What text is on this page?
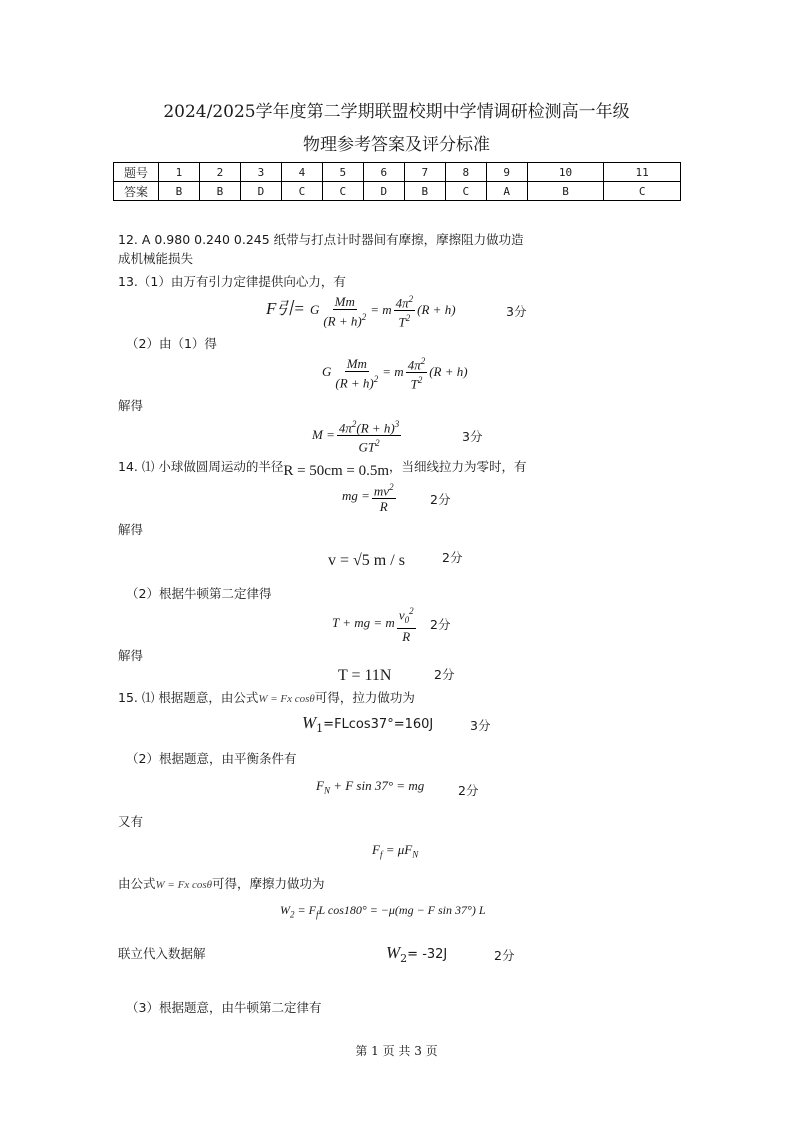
2024/2025学年度第二学期联盟校期中学情调研检测高一年级
物理参考答案及评分标准
题号	1	2	3	4	5	6	7	8	9	10	11
答案	B	B	D	C	C	D	B	C	A	B	C
12. A 0.980 0.240 0.245 纸带与打点计时器间有摩擦，摩擦阻力做功造
成机械能损失
13.（1）由万有引力定律提供向心力，有
F引= G $\frac{Mm}{(R + h)^2} = m \frac{4\pi^2}{T^2} (R + h)$	3分
（2）由（1）得
G $\frac{Mm}{(R + h)^2} = m \frac{4\pi^2}{T^2} (R + h)$
解得
$M = \frac{4\pi^2(R + h)^3}{GT^2}$	3分
14. ⑴ 小球做圆周运动的半径R = 50cm = 0.5m，当细线拉力为零时，有
mg = $\frac{mv^2}{R}$	2分
解得
v = √5 m / s	2分
（2）根据牛顿第二定律得
T + mg = m $\frac{v_0^2}{R} 2$分
解得
T = 11N	2分
15. ⑴ 根据题意，由公式W = Fx cosθ可得，拉力做功为
$W_1=FLcos37^\circ=160J$	3分
（2）根据题意，由平衡条件有
$F_N + F$ sin 37° = mg	2分
又有
$F_f = \mu F_N$
由公式W = Fx cosθ可得，摩擦力做功为
$W_2 = F_fL$ cos180° = −μ(mg − F sin 37°) L
联立代入数据解	$W_2= -32J$	2分
（3）根据题意，由牛顿第二定律有
第 1 页 共 3 页
